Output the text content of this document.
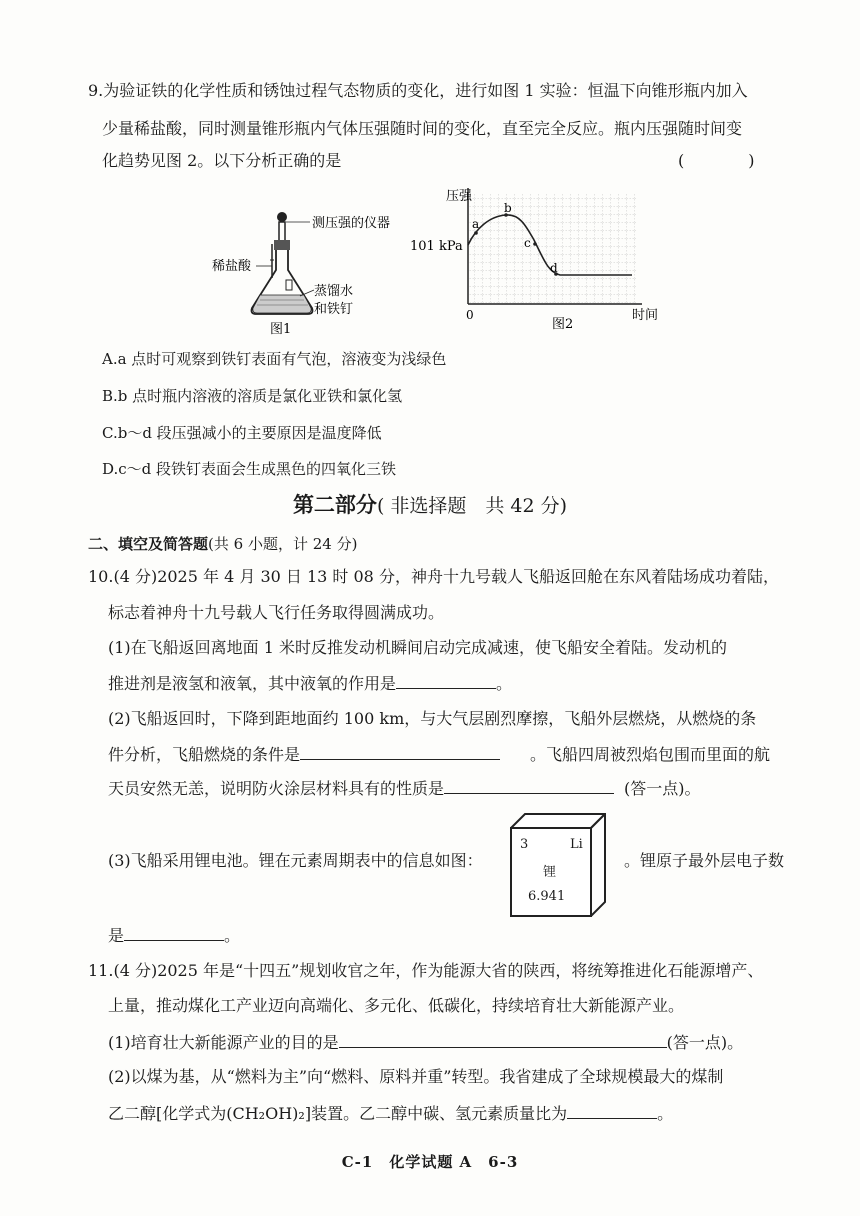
9.为验证铁的化学性质和锈蚀过程气态物质的变化，进行如图 1 实验：恒温下向锥形瓶内加入
少量稀盐酸，同时测量锥形瓶内气体压强随时间的变化，直至完全反应。瓶内压强随时间变
化趋势见图 2。以下分析正确的是	(　　　　)
测压强的仪器
稀盐酸
蒸馏水
和铁钉
图1
a
b
c
d
压强
101 kPa
0
图2
时间
A.a 点时可观察到铁钉表面有气泡，溶液变为浅绿色
B.b 点时瓶内溶液的溶质是氯化亚铁和氯化氢
C.b～d 段压强减小的主要原因是温度降低
D.c～d 段铁钉表面会生成黑色的四氧化三铁
第二部分( 非选择题　共 42 分)
二、填空及简答题(共 6 小题，计 24 分)
10.(4 分)2025 年 4 月 30 日 13 时 08 分，神舟十九号载人飞船返回舱在东风着陆场成功着陆，
标志着神舟十九号载人飞行任务取得圆满成功。
(1)在飞船返回离地面 1 米时反推发动机瞬间启动完成减速，使飞船安全着陆。发动机的
推进剂是液氢和液氧，其中液氧的作用是	。
(2)飞船返回时，下降到距地面约 100 km，与大气层剧烈摩擦，飞船外层燃烧，从燃烧的条
件分析，飞船燃烧的条件是	。飞船四周被烈焰包围而里面的航
天员安然无恙，说明防火涂层材料具有的性质是	(答一点)。
(3)飞船采用锂电池。锂在元素周期表中的信息如图：	。锂原子最外层电子数
3	Li
锂
6.941
是	。
11.(4 分)2025 年是“十四五”规划收官之年，作为能源大省的陕西，将统筹推进化石能源增产、
上量，推动煤化工产业迈向高端化、多元化、低碳化，持续培育壮大新能源产业。
(1)培育壮大新能源产业的目的是	(答一点)。
(2)以煤为基，从“燃料为主”向“燃料、原料并重”转型。我省建成了全球规模最大的煤制
乙二醇[化学式为(CH₂OH)₂]装置。乙二醇中碳、氢元素质量比为	。
C-1　化学试题 A　6-3
